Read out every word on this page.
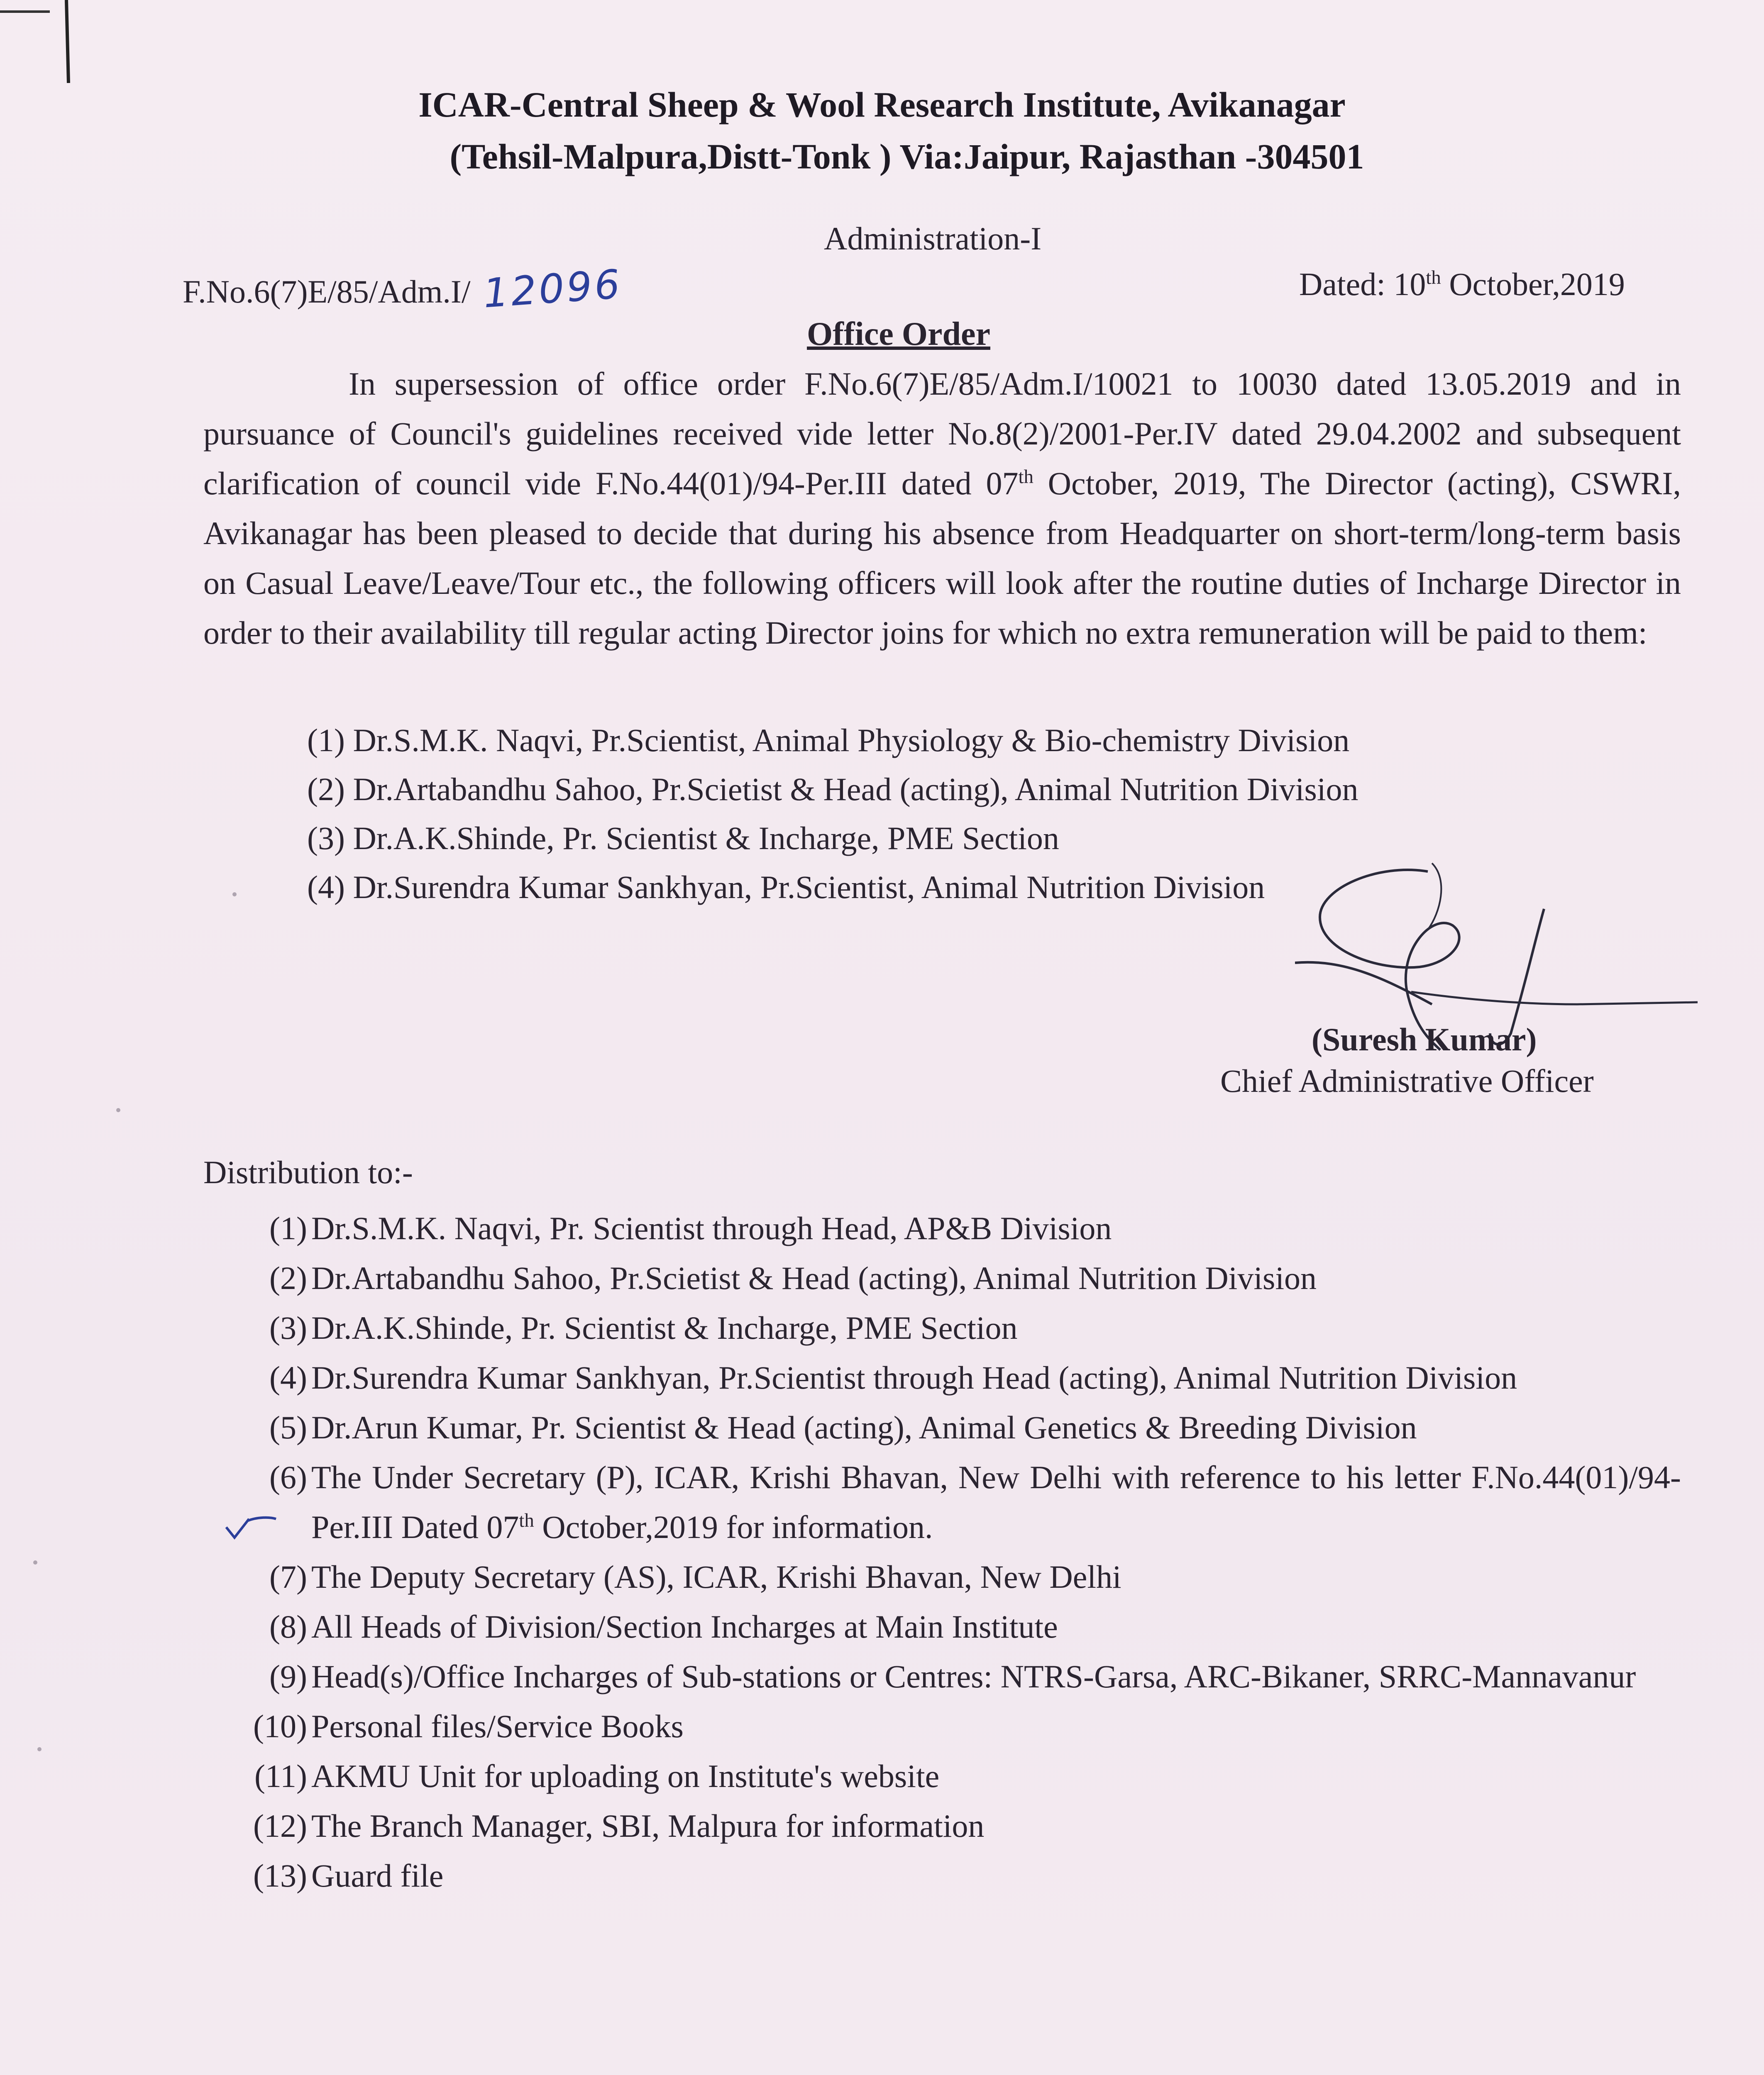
ICAR-Central Sheep & Wool Research Institute, Avikanagar
(Tehsil-Malpura,Distt-Tonk ) Via:Jaipur, Rajasthan -304501
Administration-I
F.No.6(7)E/85/Adm.I/ 12096	Dated: 10th October,2019
Office Order

In supersession of office order F.No.6(7)E/85/Adm.I/10021 to 10030 dated 13.05.2019 and in pursuance of Council's guidelines received vide letter No.8(2)/2001-Per.IV dated 29.04.2002 and subsequent clarification of council vide F.No.44(01)/94-Per.III dated 07th October, 2019, The Director (acting), CSWRI, Avikanagar has been pleased to decide that during his absence from Headquarter on short-term/long-term basis on Casual Leave/Leave/Tour etc., the following officers will look after the routine duties of Incharge Director in order to their availability till regular acting Director joins for which no extra remuneration will be paid to them:

(1) Dr.S.M.K. Naqvi, Pr.Scientist, Animal Physiology & Bio-chemistry Division
(2) Dr.Artabandhu Sahoo, Pr.Scietist & Head (acting), Animal Nutrition Division
(3) Dr.A.K.Shinde, Pr. Scientist & Incharge, PME Section
(4) Dr.Surendra Kumar Sankhyan, Pr.Scientist, Animal Nutrition Division
(Suresh Kumar)
Chief Administrative Officer
Distribution to:-
(1) Dr.S.M.K. Naqvi, Pr. Scientist through Head, AP&B Division
(2) Dr.Artabandhu Sahoo, Pr.Scietist & Head (acting), Animal Nutrition Division
(3) Dr.A.K.Shinde, Pr. Scientist & Incharge, PME Section
(4) Dr.Surendra Kumar Sankhyan, Pr.Scientist through Head (acting), Animal Nutrition Division
(5) Dr.Arun Kumar, Pr. Scientist & Head (acting), Animal Genetics & Breeding Division
(6) The Under Secretary (P), ICAR, Krishi Bhavan, New Delhi with reference to his letter F.No.44(01)/94-Per.III Dated 07th October,2019 for information.
(7) The Deputy Secretary (AS), ICAR, Krishi Bhavan, New Delhi
(8) All Heads of Division/Section Incharges at Main Institute
(9) Head(s)/Office Incharges of Sub-stations or Centres: NTRS-Garsa, ARC-Bikaner, SRRC-Mannavanur
(10) Personal files/Service Books
(11) AKMU Unit for uploading on Institute's website
(12) The Branch Manager, SBI, Malpura for information
(13) Guard file
